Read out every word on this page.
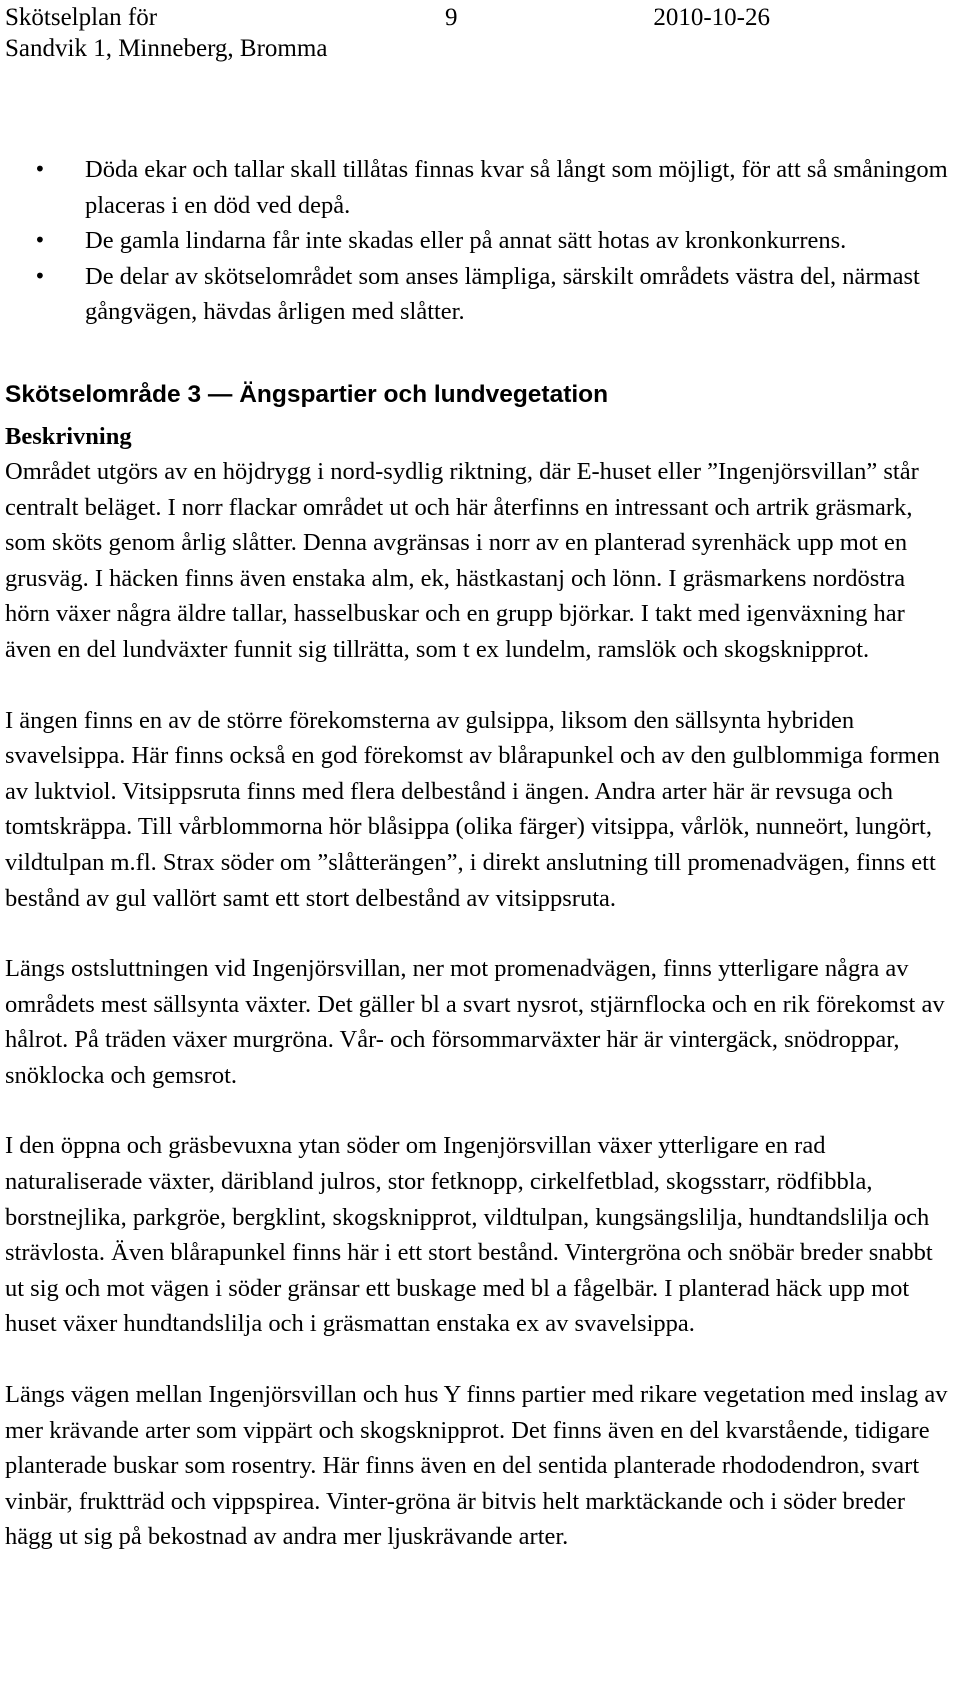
Skötselplan för
Sandvik 1, Minneberg, Bromma
9	2010-10-26
• Döda ekar och tallar skall tillåtas finnas kvar så långt som möjligt, för att så småningom placeras i en död ved depå.
• De gamla lindarna får inte skadas eller på annat sätt hotas av kronkonkurrens.
• De delar av skötselområdet som anses lämpliga, särskilt områdets västra del, närmast gångvägen, hävdas årligen med slåtter.
Skötselområde 3 — Ängspartier och lundvegetation
Beskrivning

Området utgörs av en höjdrygg i nord-sydlig riktning, där E-huset eller ”Ingenjörsvillan” står centralt beläget. I norr flackar området ut och här återfinns en intressant och artrik gräsmark, som sköts genom årlig slåtter. Denna avgränsas i norr av en planterad syrenhäck upp mot en grusväg. I häcken finns även enstaka alm, ek, hästkastanj och lönn. I gräsmarkens nordöstra hörn växer några äldre tallar, hasselbuskar och en grupp björkar. I takt med igenväxning har även en del lundväxter funnit sig tillrätta, som t ex lundelm, ramslök och skogsknipprot.

I ängen finns en av de större förekomsterna av gulsippa, liksom den sällsynta hybriden svavelsippa. Här finns också en god förekomst av blårapunkel och av den gulblommiga formen av luktviol. Vitsippsruta finns med flera delbestånd i ängen. Andra arter här är revsuga och tomtskräppa. Till vårblommorna hör blåsippa (olika färger) vitsippa, vårlök, nunneört, lungört, vildtulpan m.fl. Strax söder om ”slåtterängen”, i direkt anslutning till promenadvägen, finns ett bestånd av gul vallört samt ett stort delbestånd av vitsippsruta.

Längs ostsluttningen vid Ingenjörsvillan, ner mot promenadvägen, finns ytterligare några av områdets mest sällsynta växter. Det gäller bl a svart nysrot, stjärnflocka och en rik förekomst av hålrot. På träden växer murgröna. Vår- och försommarväxter här är vintergäck, snödroppar, snöklocka och gemsrot.

I den öppna och gräsbevuxna ytan söder om Ingenjörsvillan växer ytterligare en rad naturaliserade växter, däribland julros, stor fetknopp, cirkelfetblad, skogsstarr, rödfibbla, borstnejlika, parkgröe, bergklint, skogsknipprot, vildtulpan, kungsängslilja, hundtandslilja och strävlosta. Även blårapunkel finns här i ett stort bestånd. Vintergröna och snöbär breder snabbt ut sig och mot vägen i söder gränsar ett buskage med bl a fågelbär. I planterad häck upp mot huset växer hundtandslilja och i gräsmattan enstaka ex av svavelsippa.

Längs vägen mellan Ingenjörsvillan och hus Y finns partier med rikare vegetation med inslag av mer krävande arter som vippärt och skogsknipprot. Det finns även en del kvarstående, tidigare planterade buskar som rosentry. Här finns även en del sentida planterade rhododendron, svart vinbär, fruktträd och vippspirea. Vinter-gröna är bitvis helt marktäckande och i söder breder hägg ut sig på bekostnad av andra mer ljuskrävande arter.
